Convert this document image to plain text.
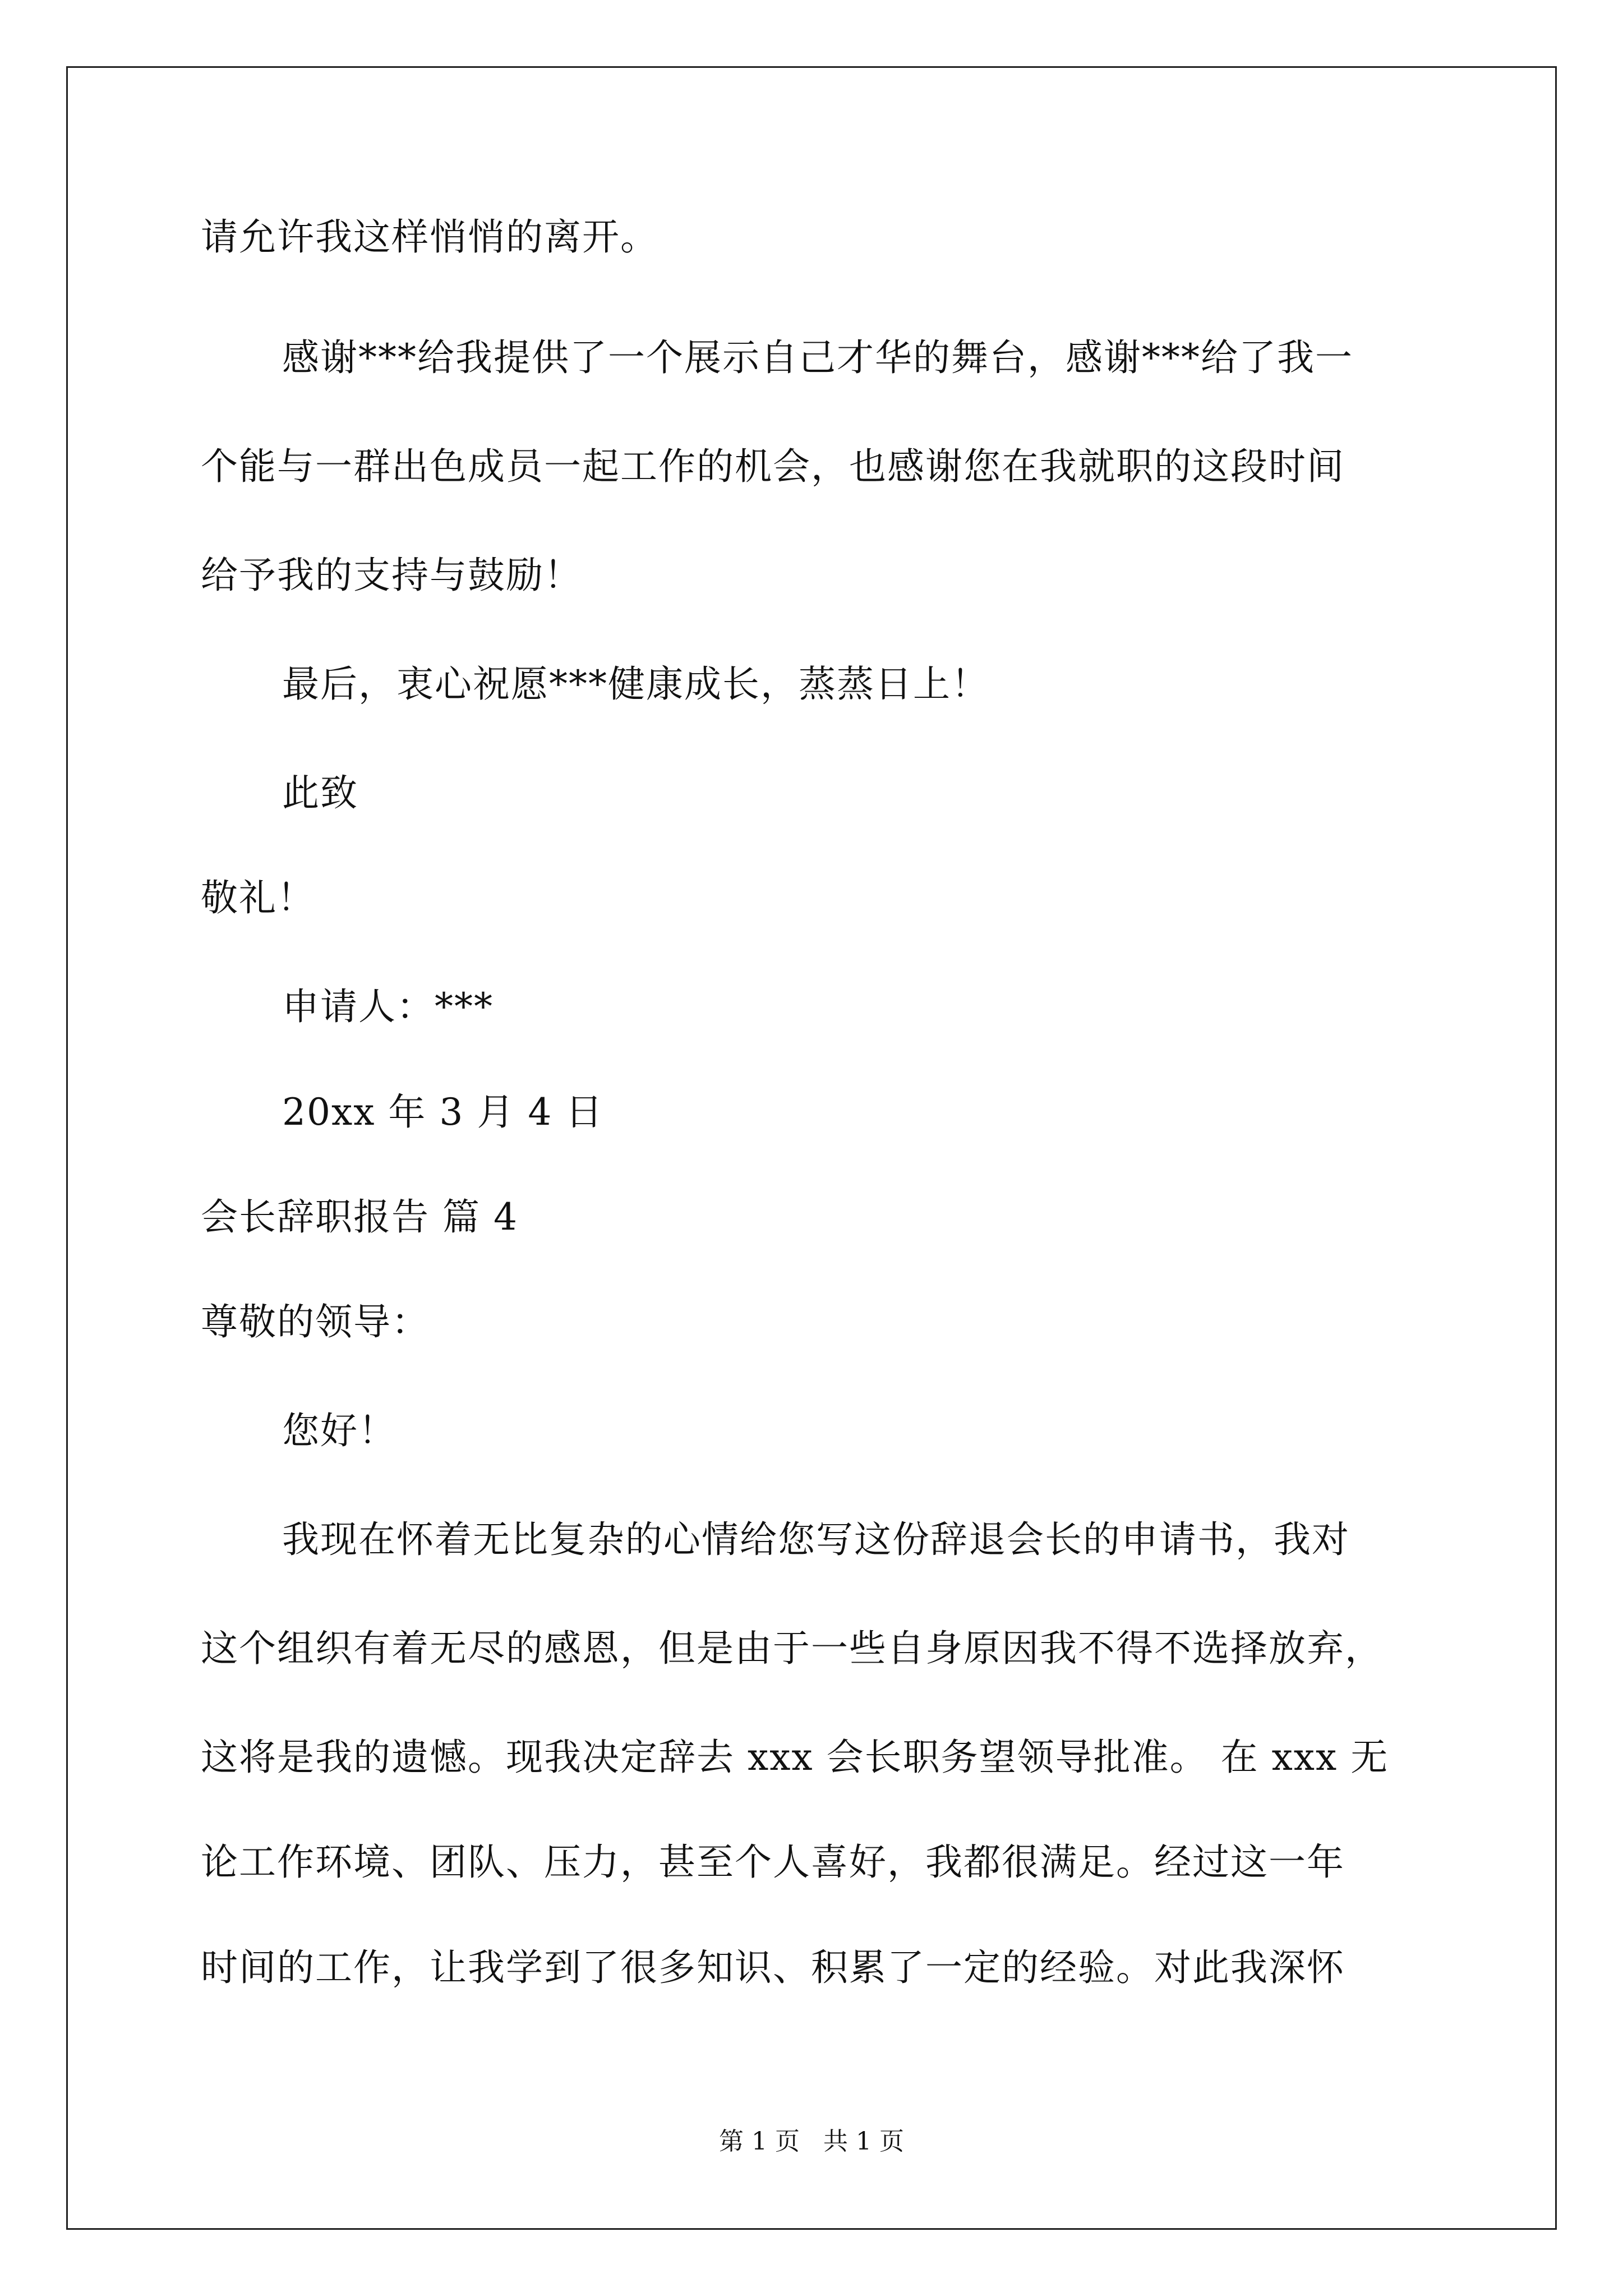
请允许我这样悄悄的离开。
感谢***给我提供了一个展示自己才华的舞台，感谢***给了我一
个能与一群出色成员一起工作的机会，也感谢您在我就职的这段时间
给予我的支持与鼓励！
最后，衷心祝愿***健康成长，蒸蒸日上！
此致
敬礼！
申请人：***
20xx 年 3 月 4 日
会长辞职报告 篇 4
尊敬的领导：
您好！
我现在怀着无比复杂的心情给您写这份辞退会长的申请书，我对
这个组织有着无尽的感恩，但是由于一些自身原因我不得不选择放弃，
这将是我的遗憾。现我决定辞去 xxx 会长职务望领导批准。 在 xxx 无
论工作环境、团队、压力，甚至个人喜好，我都很满足。经过这一年
时间的工作，让我学到了很多知识、积累了一定的经验。对此我深怀
第 1 页   共 1 页
